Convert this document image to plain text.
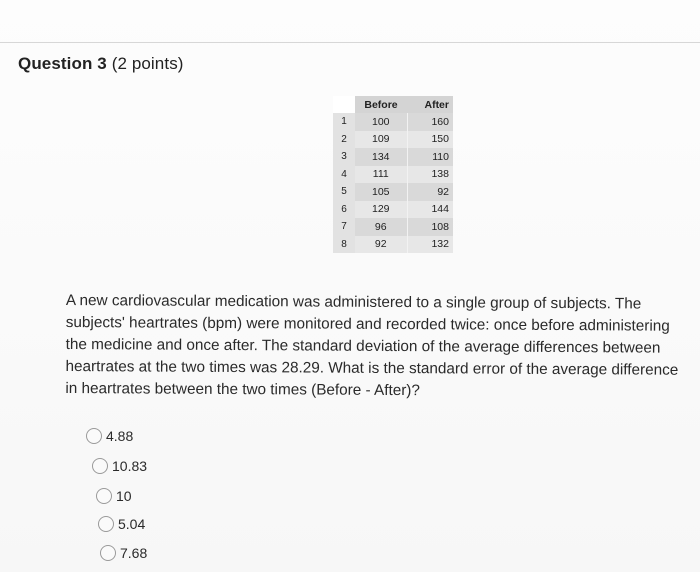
Question 3 (2 points)
	Before	After
1	100	160
2	109	150
3	134	110
4	111	138
5	105	92
6	129	144
7	96	108
8	92	132
A new cardiovascular medication was administered to a single group of subjects. The subjects' heartrates (bpm) were monitored and recorded twice: once before administering the medicine and once after. The standard deviation of the average differences between heartrates at the two times was 28.29. What is the standard error of the average difference in heartrates between the two times (Before - After)?
4.88
10.83
10
5.04
7.68
